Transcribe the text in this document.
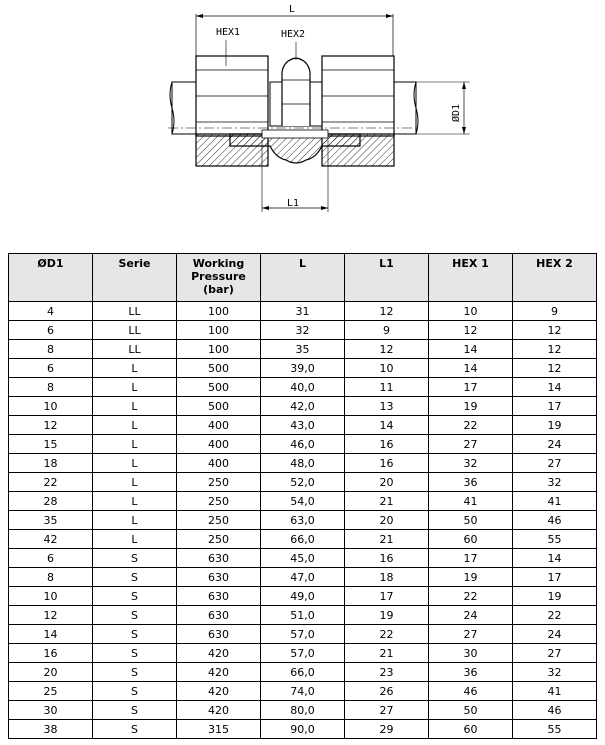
L
HEX1	HEX2
ØD1
L1
ØD1	Serie	Working Pressure (bar)	L	L1	HEX 1	HEX 2
4	LL	100	31	12	10	9
6	LL	100	32	9	12	12
8	LL	100	35	12	14	12
6	L	500	39,0	10	14	12
8	L	500	40,0	11	17	14
10	L	500	42,0	13	19	17
12	L	400	43,0	14	22	19
15	L	400	46,0	16	27	24
18	L	400	48,0	16	32	27
22	L	250	52,0	20	36	32
28	L	250	54,0	21	41	41
35	L	250	63,0	20	50	46
42	L	250	66,0	21	60	55
6	S	630	45,0	16	17	14
8	S	630	47,0	18	19	17
10	S	630	49,0	17	22	19
12	S	630	51,0	19	24	22
14	S	630	57,0	22	27	24
16	S	420	57,0	21	30	27
20	S	420	66,0	23	36	32
25	S	420	74,0	26	46	41
30	S	420	80,0	27	50	46
38	S	315	90,0	29	60	55
